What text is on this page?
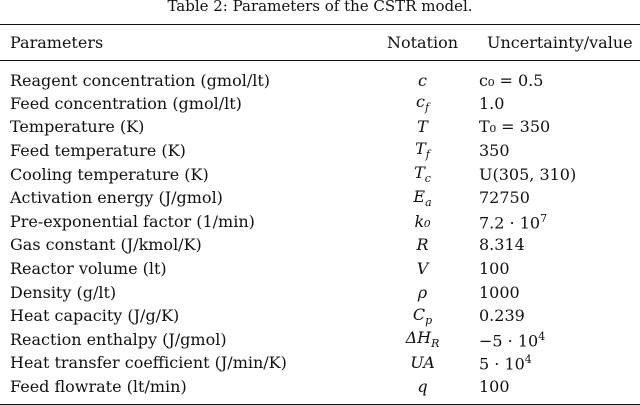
Table 2: Parameters of the CSTR model.
Parameters	Notation	Uncertainty/value
Reagent concentration (gmol/lt)	c	c₀ = 0.5
Feed concentration (gmol/lt)	$c_f$	1.0
Temperature (K)	T	T₀ = 350
Feed temperature (K)	$T_f$	350
Cooling temperature (K)	$T_c$	U(305, 310)
Activation energy (J/gmol)	$E_a$	72750
Pre-exponential factor (1/min)	k₀	$7.2 \cdot 10^7$
Gas constant (J/kmol/K)	R	8.314
Reactor volume (lt)	V	100
Density (g/lt)	ρ	1000
Heat capacity (J/g/K)	$C_p$	0.239
Reaction enthalpy (J/gmol)	$\Delta H_R$	$-5 \cdot 10^4$
Heat transfer coefficient (J/min/K)	UA	$5 \cdot 10^4$
Feed flowrate (lt/min)	q	100
